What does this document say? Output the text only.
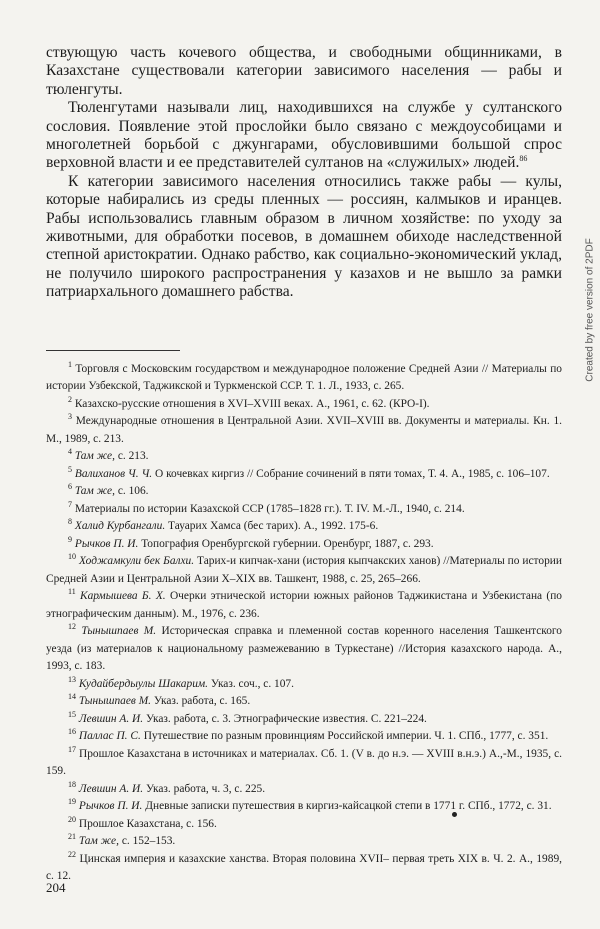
ствующую часть кочевого общества, и свободными общинниками, в Казахстане существовали категории зависимого населения — рабы и тюленгуты.

Тюленгутами называли лиц, находившихся на службе у султанского сословия. Появление этой прослойки было связано с междоусобицами и многолетней борьбой с джунгарами, обусловившими большой спрос верховной власти и ее представителей султанов на «служилых» людей.$^{86}$

К категории зависимого населения относились также рабы — кулы, которые набирались из среды пленных — россиян, калмыков и иранцев. Рабы использовались главным образом в личном хозяйстве: по уходу за животными, для обработки посевов, в домашнем обиходе наследственной степной аристократии. Однако рабство, как социально-экономический уклад, не получило широкого распространения у казахов и не вышло за рамки патриархального домашнего рабства.

$^1$ Торговля с Московским государством и международное положение Средней Азии // Материалы по истории Узбекской, Таджикской и Туркменской ССР. Т. 1. Л., 1933, с. 265.

$^2$ Казахско-русские отношения в XVI–XVIII веках. А., 1961, с. 62. (КРО-I).

$^3$ Международные отношения в Центральной Азии. XVII–XVIII вв. Документы и материалы. Кн. 1. М., 1989, с. 213.

$^4$ Там же, с. 213.

$^5$ Валиханов Ч. Ч. О кочевках киргиз // Собрание сочинений в пяти томах, Т. 4. А., 1985, с. 106–107.

$^6$ Там же, с. 106.

$^7$ Материалы по истории Казахской ССР (1785–1828 гг.). Т. IV. М.-Л., 1940, с. 214.

$^8$ Халид Курбангали. Тауарих Хамса (бес тарих). А., 1992. 175-6.

$^9$ Рычков П. И. Топография Оренбургской губернии. Оренбург, 1887, с. 293.

$^{10}$ Ходжамкули бек Балхи. Тарих-и кипчак-хани (история кыпчакских ханов) //Материалы по истории Средней Азии и Центральной Азии X–XIX вв. Ташкент, 1988, с. 25, 265–266.

$^{11}$ Кармышева Б. Х. Очерки этнической истории южных районов Таджикистана и Узбекистана (по этнографическим данным). М., 1976, с. 236.

$^{12}$ Тынышпаев М. Историческая справка и племенной состав коренного населения Ташкентского уезда (из материалов к национальному размежеванию в Туркестане) //История казахского народа. А., 1993, с. 183.

$^{13}$ Кудайбердыулы Шакарим. Указ. соч., с. 107.

$^{14}$ Тынышпаев М. Указ. работа, с. 165.

$^{15}$ Левшин А. И. Указ. работа, с. 3. Этнографические известия. С. 221–224.

$^{16}$ Паллас П. С. Путешествие по разным провинциям Российской империи. Ч. 1. СПб., 1777, с. 351.

$^{17}$ Прошлое Казахстана в источниках и материалах. Сб. 1. (V в. до н.э. — XVIII в.н.э.) А.,-М., 1935, с. 159.

$^{18}$ Левшин А. И. Указ. работа, ч. 3, с. 225.

$^{19}$ Рычков П. И. Дневные записки путешествия в киргиз-кайсацкой степи в 1771 г. СПб., 1772, с. 31.

$^{20}$ Прошлое Казахстана, с. 156.

$^{21}$ Там же, с. 152–153.

$^{22}$ Цинская империя и казахские ханства. Вторая половина XVII– первая треть XIX в. Ч. 2. А., 1989, с. 12.

204
Created by free version of 2PDF
